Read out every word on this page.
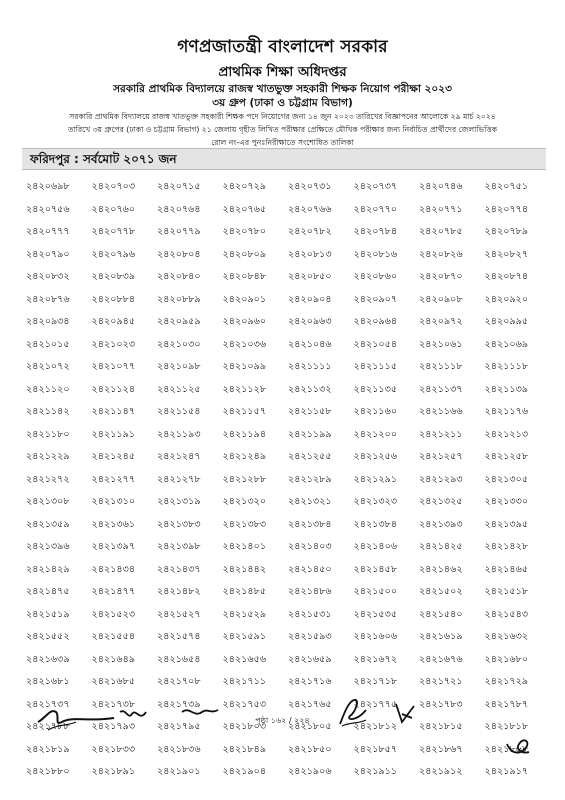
গণপ্রজাতন্ত্রী বাংলাদেশ সরকার
প্রাথমিক শিক্ষা অধিদপ্তর
সরকারি প্রাথমিক বিদ্যালয়ে রাজস্ব খাতভুক্ত সহকারী শিক্ষক নিয়োগ পরীক্ষা ২০২৩
৩য় গ্রুপ (ঢাকা ও চট্টগ্রাম বিভাগ)
সরকারি প্রাথমিক বিদ্যালয়ে রাজস্ব খাতভুক্ত সহকারী শিক্ষক পদে নিয়োগের জন্য ১৪ জুন ২০২৩ তারিখের বিজ্ঞাপনের আলোকে ২৯ মার্চ ২০২৪ তারিখে ৩য় গ্রুপের (ঢাকা ও চট্টগ্রাম বিভাগ) ২১ জেলায় গৃহীত লিখিত পরীক্ষার প্রেক্ষিতে মৌখিক পরীক্ষার জন্য নির্বাচিত প্রার্থীদের জেলাভিত্তিক রোল নং-এর পুনঃনিরীক্ষাতে সংশোধিত তালিকা
ফরিদপুর : সর্বমোট ২০৭১ জন
২৪২০৬৯৮	২৪২০৭০৩	২৪২০৭১৫	২৪২০৭২৯	২৪২০৭৩১	২৪২০৭৩৭	২৪২০৭৪৬	২৪২০৭৫১
২৪২০৭৫৬	২৪২০৭৬০	২৪২০৭৬৪	২৪২০৭৬৫	২৪২০৭৬৬	২৪২০৭৭০	২৪২০৭৭১	২৪২০৭৭৪
২৪২০৭৭৭	২৪২০৭৭৮	২৪২০৭৭৯	২৪২০৭৮০	২৪২০৭৮২	২৪২০৭৮৪	২৪২০৭৮৫	২৪২০৭৮৯
২৪২০৭৯০	২৪২০৭৯৬	২৪২০৮০৪	২৪২০৮০৯	২৪২০৮১৩	২৪২০৮১৬	২৪২০৮২৬	২৪২০৮২৭
২৪২০৮৩২	২৪২০৮৩৯	২৪২০৮৪০	২৪২০৮৪৮	২৪২০৮৫০	২৪২০৮৬০	২৪২০৮৭০	২৪২০৮৭৪
২৪২০৮৭৬	২৪২০৮৮৪	২৪২০৮৮৯	২৪২০৯০১	২৪২০৯০৪	২৪২০৯০৭	২৪২০৯০৮	২৪২০৯২০
২৪২০৯৩৪	২৪২০৯৪৫	২৪২০৯৫৯	২৪২০৯৬০	২৪২০৯৬৩	২৪২০৯৬৪	২৪২০৯৭২	২৪২০৯৯৫
২৪২১০১৫	২৪২১০২৩	২৪২১০৩০	২৪২১০৩৬	২৪২১০৪৬	২৪২১০৫৪	২৪২১০৬১	২৪২১০৬৯
২৪২১০৭২	২৪২১০৭৭	২৪২১০৯৮	২৪২১০৯৯	২৪২১১১১	২৪২১১১৫	২৪২১১১৮	২৪২১১১৮
২৪২১১২০	২৪২১১২৪	২৪২১১২৫	২৪২১১২৮	২৪২১১৩২	২৪২১১৩৫	২৪২১১৩৭	২৪২১১৩৯
২৪২১১৪২	২৪২১১৪৭	২৪২১১৫৪	২৪২১১৫৭	২৪২১১৫৮	২৪২১১৬০	২৪২১১৬৬	২৪২১১৭৬
২৪২১১৮০	২৪২১১৯১	২৪২১১৯৩	২৪২১১৯৪	২৪২১১৯৯	২৪২১২০০	২৪২১২১১	২৪২১২১৩
২৪২১২২৯	২৪২১২৪৫	২৪২১২৪৭	২৪২১২৪৯	২৪২১২৫৫	২৪২১২৫৬	২৪২১২৫৭	২৪২১২৫৮
২৪২১২৭২	২৪২১২৭৭	২৪২১২৭৮	২৪২১২৮৮	২৪২১২৮৯	২৪২১২৯১	২৪২১২৯৩	২৪২১৩০৫
২৪২১৩০৮	২৪২১৩১০	২৪২১৩১৯	২৪২১৩২০	২৪২১৩২১	২৪২১৩২৩	২৪২১৩২৫	২৪২১৩৩০
২৪২১৩৫৯	২৪২১৩৬১	২৪২১৩৮৩	২৪২১৩৮৩	২৪২১৩৮৪	২৪২১৩৮৪	২৪২১৩৯৩	২৪২১৩৯৫
২৪২১৩৯৬	২৪২১৩৯৭	২৪২১৩৯৮	২৪২১৪০১	২৪২১৪০৩	২৪২১৪০৬	২৪২১৪২৫	২৪২১৪২৮
২৪২১৪২৯	২৪২১৪৩৪	২৪২১৪৩৭	২৪২১৪৪২	২৪২১৪৫০	২৪২১৪৫৮	২৪২১৪৬২	২৪২১৪৬৫
২৪২১৪৭৫	২৪২১৪৭৭	২৪২১৪৮২	২৪২১৪৮৫	২৪২১৪৮৬	২৪২১৫০০	২৪২১৫০২	২৪২১৫১৮
২৪২১৫১৯	২৪২১৫২৩	২৪২১৫২৭	২৪২১৫২৯	২৪২১৫৩১	২৪২১৫৩৫	২৪২১৫৪০	২৪২১৫৪৩
২৪২১৫৫২	২৪২১৫৫৪	২৪২১৫৭৪	২৪২১৫৯১	২৪২১৫৯৩	২৪২১৬০৬	২৪২১৬১৯	২৪২১৬৩২
২৪২১৬৩৯	২৪২১৬৪৯	২৪২১৬৫৪	২৪২১৬৫৬	২৪২১৬৫৯	২৪২১৬৭২	২৪২১৬৭৬	২৪২১৬৮০
২৪২১৬৮১	২৪২১৬৮৫	২৪২১৭০৮	২৪২১৭১১	২৪২১৭১৬	২৪২১৭১৮	২৪২১৭২১	২৪২১৭২৯
২৪২১৭৩৭	২৪২১৭৩৮	২৪২১৭৩৯	২৪২১৭৫৩	২৪২১৭৬৫	২৪২১৭৭৫	২৪২১৭৮৩	২৪২১৭৮৭
২৪২১৭৮৮	২৪২১৭৯৩	২৪২১৭৯৫	২৪২১৮০৩	২৪২১৮০৫	২৪২১৮১২	২৪২১৮১৫	২৪২১৮১৮
২৪২১৮১৯	২৪২১৮৩৩	২৪২১৮৩৬	২৪২১৮৪৯	২৪২১৮৫০	২৪২১৮৫৭	২৪২১৮৬৭	২৪২১৮৬৮
২৪২১৮৮০	২৪২১৮৯১	২৪২১৯০১	২৪২১৯০৪	২৪২১৯০৬	২৪২১৯১১	২৪২১৯১২	২৪২১৯১৭
পৃষ্ঠা ১৬২ / ২২৪
